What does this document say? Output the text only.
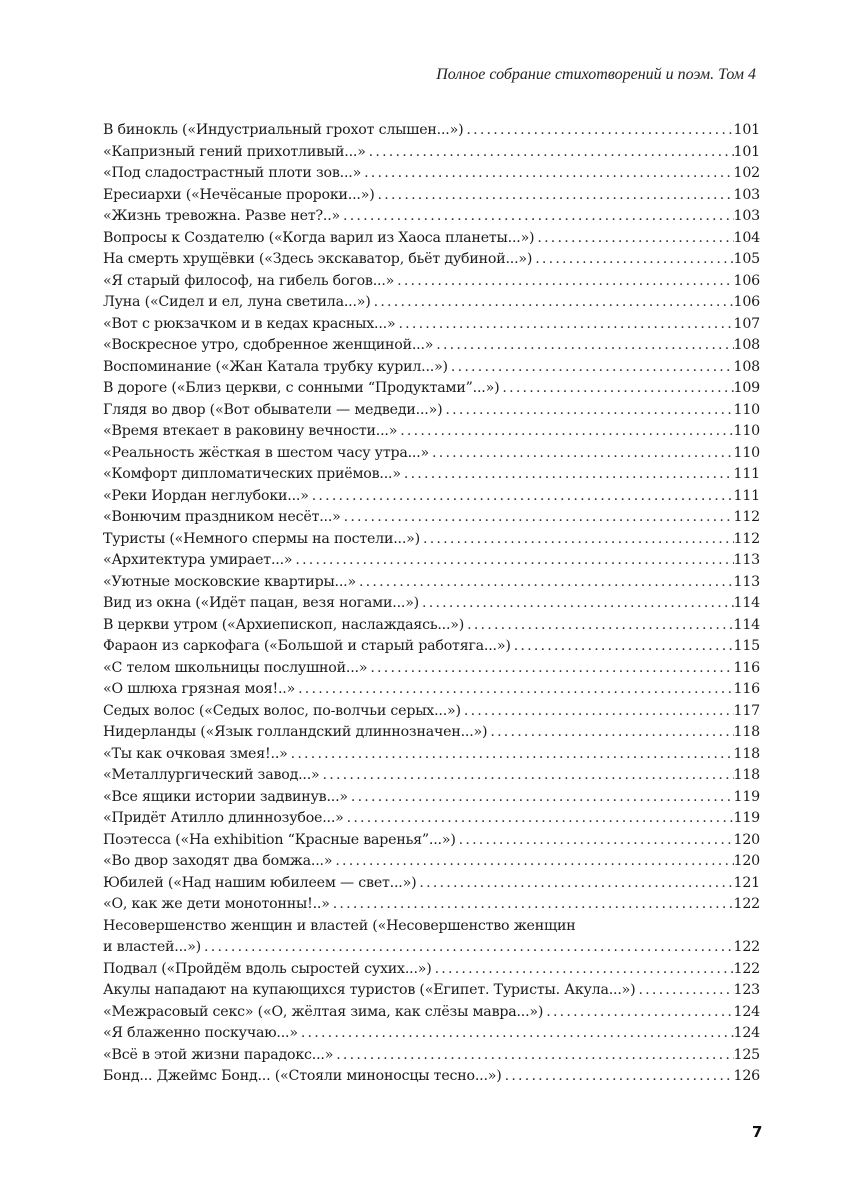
Полное собрание стихотворений и поэм. Том 4
В бинокль («Индустриальный грохот слышен...») .....	101
«Капризный гений прихотливый...» .....	101
«Под сладострастный плоти зов...» .....	102
Ересиархи («Нечёсаные пророки...») .....	103
«Жизнь тревожна. Разве нет?..» .....	103
Вопросы к Создателю («Когда варил из Хаоса планеты...») .....	104
На смерть хрущёвки («Здесь экскаватор, бьёт дубиной...») .....	105
«Я старый философ, на гибель богов...» .....	106
Луна («Сидел и ел, луна светила...») .....	106
«Вот с рюкзачком и в кедах красных...» .....	107
«Воскресное утро, сдобренное женщиной...» .....	108
Воспоминание («Жан Катала трубку курил...») .....	108
В дороге («Близ церкви, с сонными “Продуктами”...») .....	109
Глядя во двор («Вот обыватели — медведи...») .....	110
«Время втекает в раковину вечности...» .....	110
«Реальность жёсткая в шестом часу утра...» .....	110
«Комфорт дипломатических приёмов...» .....	111
«Реки Иордан неглубоки...» .....	111
«Вонючим праздником несёт...» .....	112
Туристы («Немного спермы на постели...») .....	112
«Архитектура умирает...» .....	113
«Уютные московские квартиры...» .....	113
Вид из окна («Идёт пацан, везя ногами...») .....	114
В церкви утром («Архиепископ, наслаждаясь...») .....	114
Фараон из саркофага («Большой и старый работяга...») .....	115
«С телом школьницы послушной...» .....	116
«О шлюха грязная моя!..» .....	116
Седых волос («Седых волос, по-волчьи серых...») .....	117
Нидерланды («Язык голландский длиннозначен...») .....	118
«Ты как очковая змея!..» .....	118
«Металлургический завод...» .....	118
«Все ящики истории задвинув...» .....	119
«Придёт Атилло длиннозубое...» .....	119
Поэтесса («На exhibition “Красные варенья”...») .....	120
«Во двор заходят два бомжа...» .....	120
Юбилей («Над нашим юбилеем — свет...») .....	121
«О, как же дети монотонны!..» .....	122
Несовершенство женщин и властей («Несовершенство женщин
и властей...») .....	122
Подвал («Пройдём вдоль сыростей сухих...») .....	122
Акулы нападают на купающихся туристов («Египет. Туристы. Акула...») .....	123
«Межрасовый секс» («О, жёлтая зима, как слёзы мавра...») .....	124
«Я блаженно поскучаю...» .....	124
«Всё в этой жизни парадокс...» .....	125
Бонд... Джеймс Бонд... («Стояли миноносцы тесно...») .....	126
7
